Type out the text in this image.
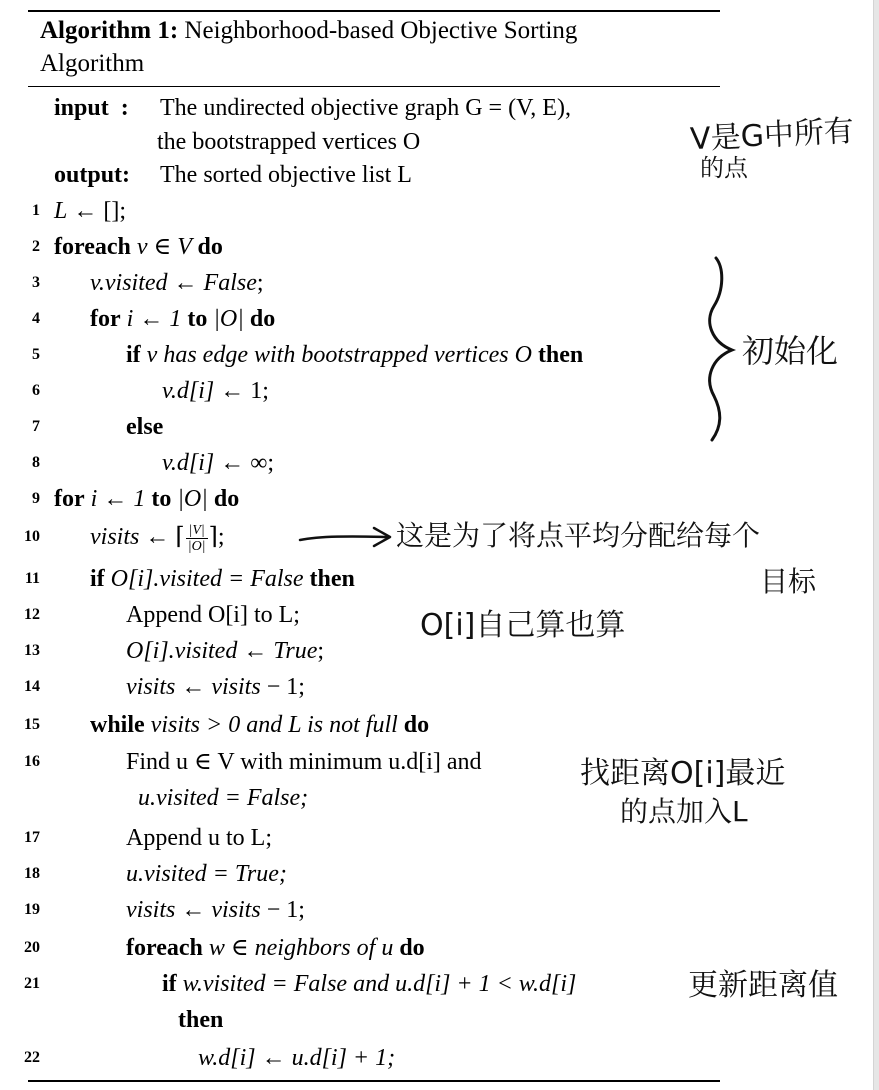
Algorithm 1: Neighborhood-based Objective Sorting Algorithm
input  : The undirected objective graph G = (V, E),
the bootstrapped vertices O
output: The sorted objective list L
1 L ← [];
2 foreach v ∈ V do
3 v.visited ← False;
4 for i ← 1 to |O| do
5	if v has edge with bootstrapped vertices O then
6	v.d[i] ← 1;
7	else
8	v.d[i] ← ∞;
9 for i ← 1 to |O| do
10 visits ← ⌈ $\frac{|V|}{|O|}$ ⌉;
11 if O[i].visited = False then
12	Append O[i] to L;
13	O[i].visited ← True;
14	visits ← visits − 1;
15 while visits > 0 and L is not full do
16	Find u ∈ V with minimum u.d[i] and
u.visited = False;
17	Append u to L;
18	u.visited = True;
19	visits ← visits − 1;
20	foreach w ∈ neighbors of u do
21	if w.visited = False and u.d[i] + 1 < w.d[i]
then
22	w.d[i] ← u.d[i] + 1;
V是G中所有
的点
初始化
这是为了将点平均分配给每个
目标
O[i]自己算也算
找距离O[i]最近
的点加入L
更新距离值
